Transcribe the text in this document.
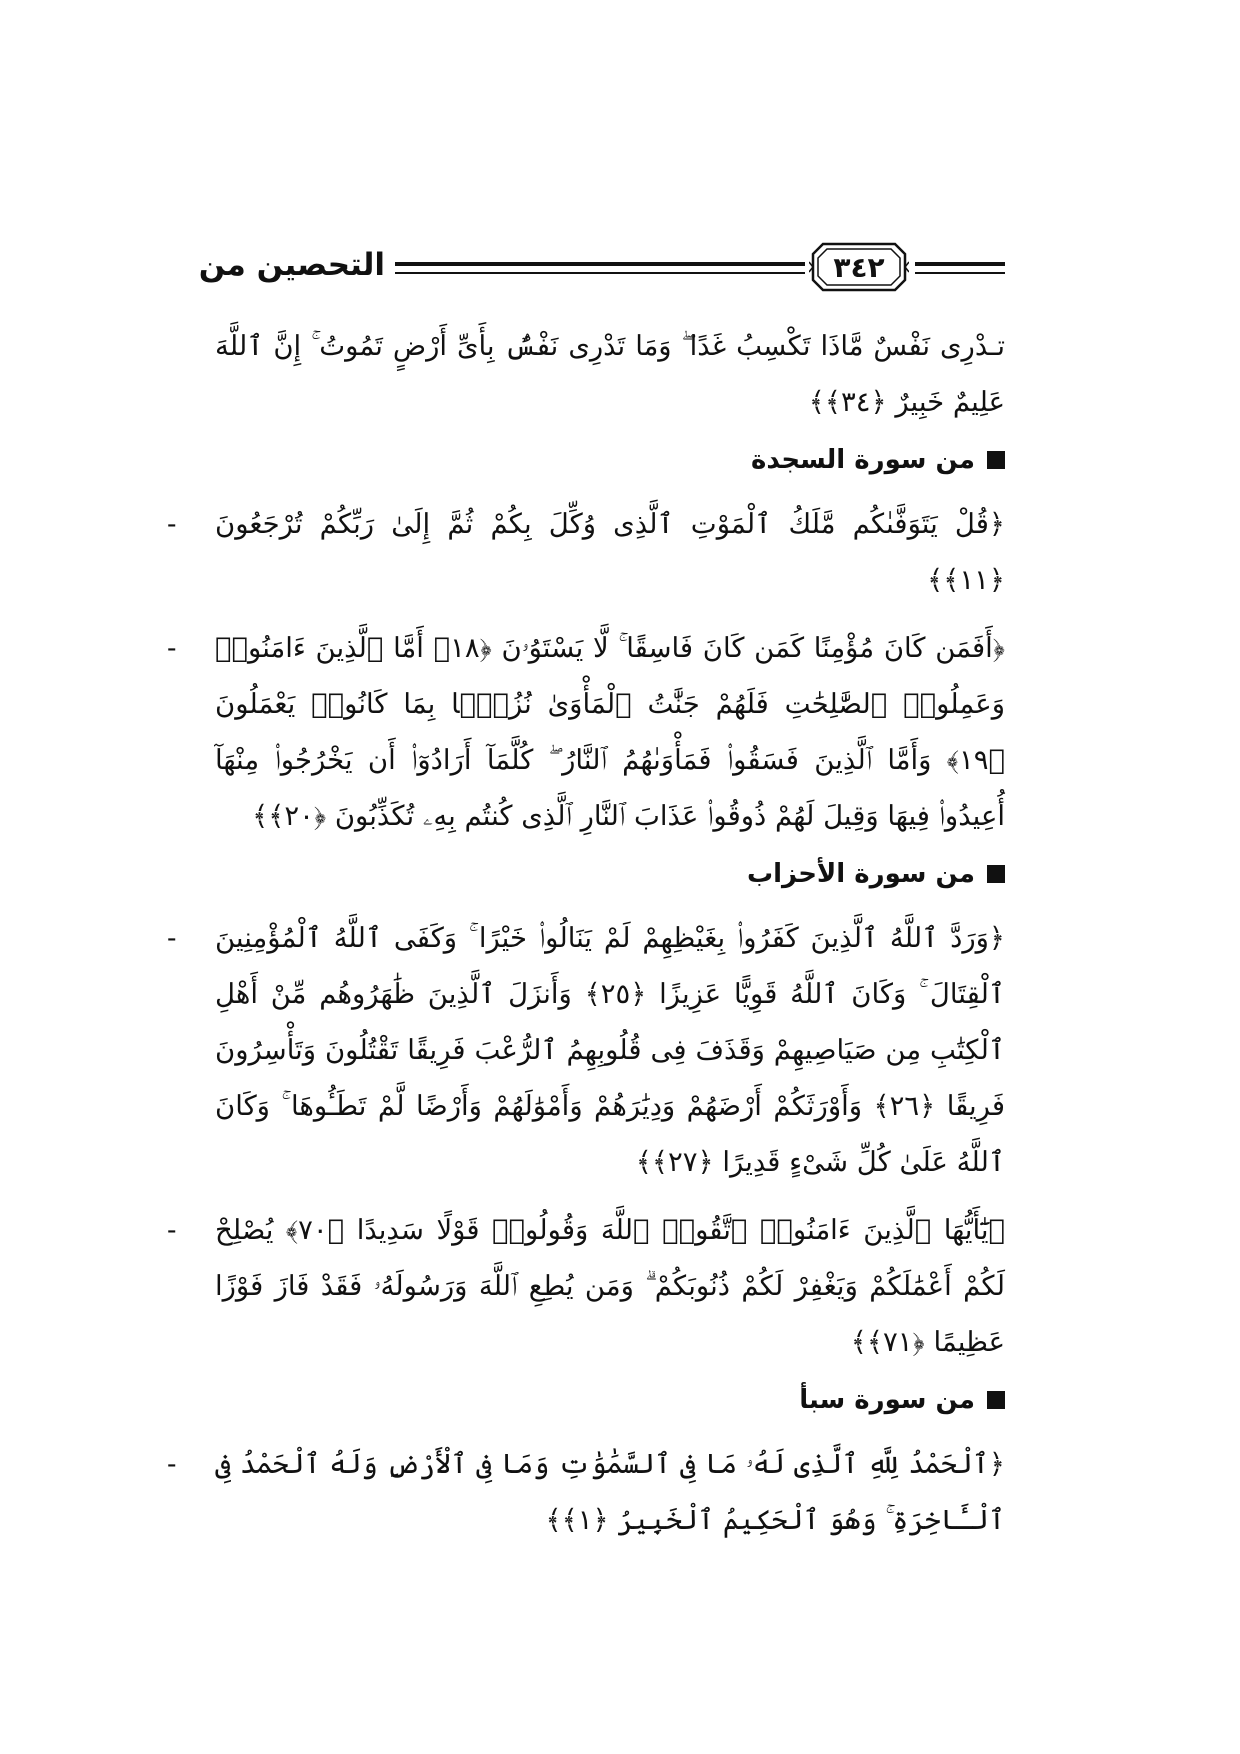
التحصين من	٣٤٢

تـدْرِى نَفْسٌ مَّاذَا تَكْسِبُ غَدًا ۖ وَمَا تَدْرِى نَفْسٌۢ بِأَىِّ أَرْضٍ تَمُوتُ ۚ إِنَّ ٱللَّهَ عَلِيمٌ خَبِيرٌ ﴿٣٤﴾﴾

من سورة السجدة
- ﴿قُلْ يَتَوَفَّىٰكُم مَّلَكُ ٱلْمَوْتِ ٱلَّذِى وُكِّلَ بِكُمْ ثُمَّ إِلَىٰ رَبِّكُمْ تُرْجَعُونَ ﴿١١﴾﴾

- ﴿أَفَمَن كَانَ مُؤْمِنًا كَمَن كَانَ فَاسِقًا ۚ لَّا يَسْتَوُۥنَ ﴿١٨﴾ أَمَّا ٱلَّذِينَ ءَامَنُوا۟ وَعَمِلُوا۟ ٱلصَّٰلِحَٰتِ فَلَهُمْ جَنَّٰتُ ٱلْمَأْوَىٰ نُزُلًۢا بِمَا كَانُوا۟ يَعْمَلُونَ ﴿١٩﴾ وَأَمَّا ٱلَّذِينَ فَسَقُوا۟ فَمَأْوَىٰهُمُ ٱلنَّارُ ۖ كُلَّمَآ أَرَادُوٓا۟ أَن يَخْرُجُوا۟ مِنْهَآ أُعِيدُوا۟ فِيهَا وَقِيلَ لَهُمْ ذُوقُوا۟ عَذَابَ ٱلنَّارِ ٱلَّذِى كُنتُم بِهِۦ تُكَذِّبُونَ ﴿٢٠﴾﴾

من سورة الأحزاب
- ﴿وَرَدَّ ٱللَّهُ ٱلَّذِينَ كَفَرُوا۟ بِغَيْظِهِمْ لَمْ يَنَالُوا۟ خَيْرًا ۚ وَكَفَى ٱللَّهُ ٱلْمُؤْمِنِينَ ٱلْقِتَالَ ۚ وَكَانَ ٱللَّهُ قَوِيًّا عَزِيزًا ﴿٢٥﴾ وَأَنزَلَ ٱلَّذِينَ ظَٰهَرُوهُم مِّنْ أَهْلِ ٱلْكِتَٰبِ مِن صَيَاصِيهِمْ وَقَذَفَ فِى قُلُوبِهِمُ ٱلرُّعْبَ فَرِيقًا تَقْتُلُونَ وَتَأْسِرُونَ فَرِيقًا ﴿٢٦﴾ وَأَوْرَثَكُمْ أَرْضَهُمْ وَدِيَٰرَهُمْ وَأَمْوَٰلَهُمْ وَأَرْضًا لَّمْ تَطَـُٔوهَا ۚ وَكَانَ ٱللَّهُ عَلَىٰ كُلِّ شَىْءٍ قَدِيرًا ﴿٢٧﴾﴾

- ﴿يَٰٓأَيُّهَا ٱلَّذِينَ ءَامَنُوا۟ ٱتَّقُوا۟ ٱللَّهَ وَقُولُوا۟ قَوْلًا سَدِيدًا ﴿٧٠﴾ يُصْلِحْ لَكُمْ أَعْمَٰلَكُمْ وَيَغْفِرْ لَكُمْ ذُنُوبَكُمْ ۗ وَمَن يُطِعِ ٱللَّهَ وَرَسُولَهُۥ فَقَدْ فَازَ فَوْزًا عَظِيمًا ﴿٧١﴾﴾

من سورة سبأ
- ﴿ٱلْحَمْدُ لِلَّهِ ٱلَّذِى لَهُۥ مَا فِى ٱلسَّمَٰوَٰتِ وَمَا فِى ٱلْأَرْضِ وَلَهُ ٱلْحَمْدُ فِى ٱلْـَٔاخِرَةِ ۚ وَهُوَ ٱلْحَكِيمُ ٱلْخَبِيرُ ﴿١﴾﴾
